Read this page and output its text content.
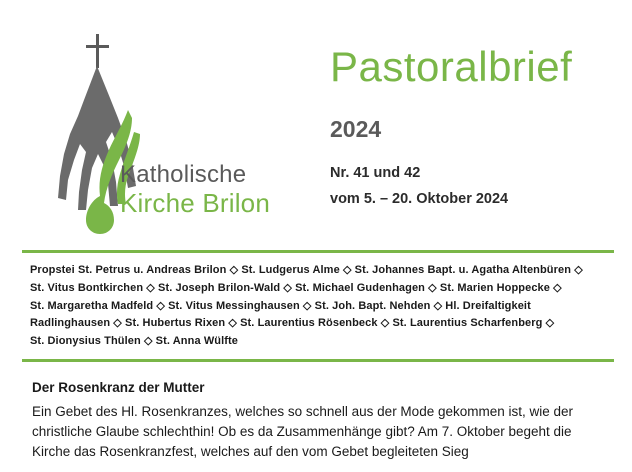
Katholische
Kirche Brilon
Pastoralbrief
2024
Nr. 41 und 42
vom 5. – 20. Oktober 2024
Propstei St. Petrus u. Andreas Brilon ◇ St. Ludgerus Alme ◇ St. Johannes Bapt. u. Agatha Altenbüren ◇
St. Vitus Bontkirchen ◇ St. Joseph Brilon-Wald ◇ St. Michael Gudenhagen ◇ St. Marien Hoppecke ◇
St. Margaretha Madfeld ◇ St. Vitus Messinghausen ◇ St. Joh. Bapt. Nehden ◇ Hl. Dreifaltigkeit
Radlinghausen ◇ St. Hubertus Rixen ◇ St. Laurentius Rösenbeck ◇ St. Laurentius Scharfenberg ◇
St. Dionysius Thülen ◇ St. Anna Wülfte
Der Rosenkranz der Mutter
Ein Gebet des Hl. Rosenkranzes, welches so schnell aus der Mode gekommen ist, wie der christliche Glaube schlechthin! Ob es da Zusammenhänge gibt? Am 7. Oktober begeht die Kirche das Rosenkranzfest, welches auf den vom Gebet begleiteten Sieg
